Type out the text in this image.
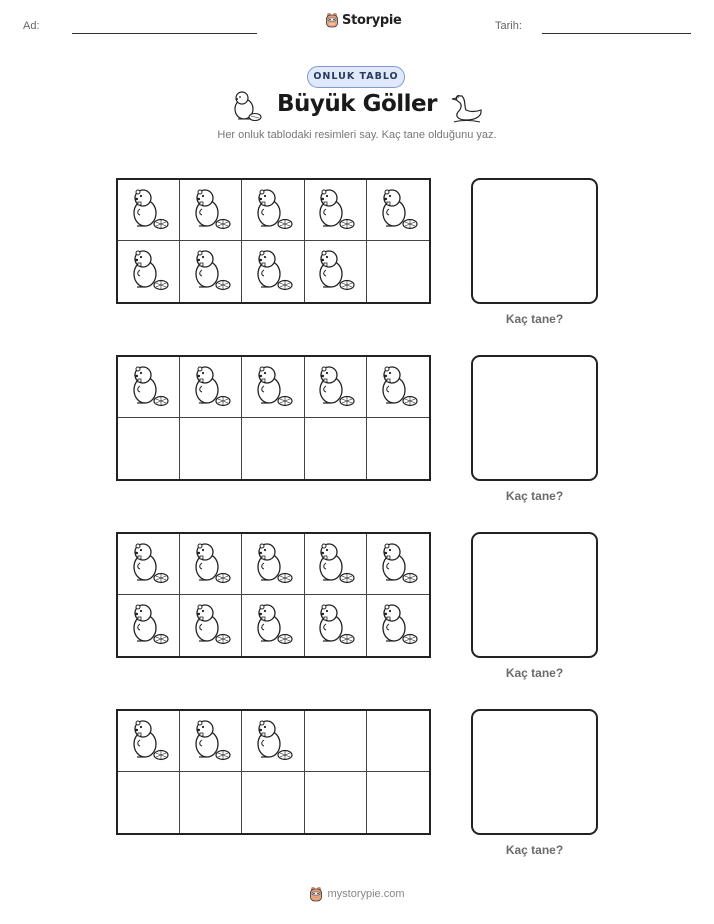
Ad:	Storypie	Tarih:
ONLUK TABLO
Büyük Göller
Her onluk tablodaki resimleri say. Kaç tane olduğunu yaz.
Kaç tane?
Kaç tane?
Kaç tane?
Kaç tane?
mystorypie.com
